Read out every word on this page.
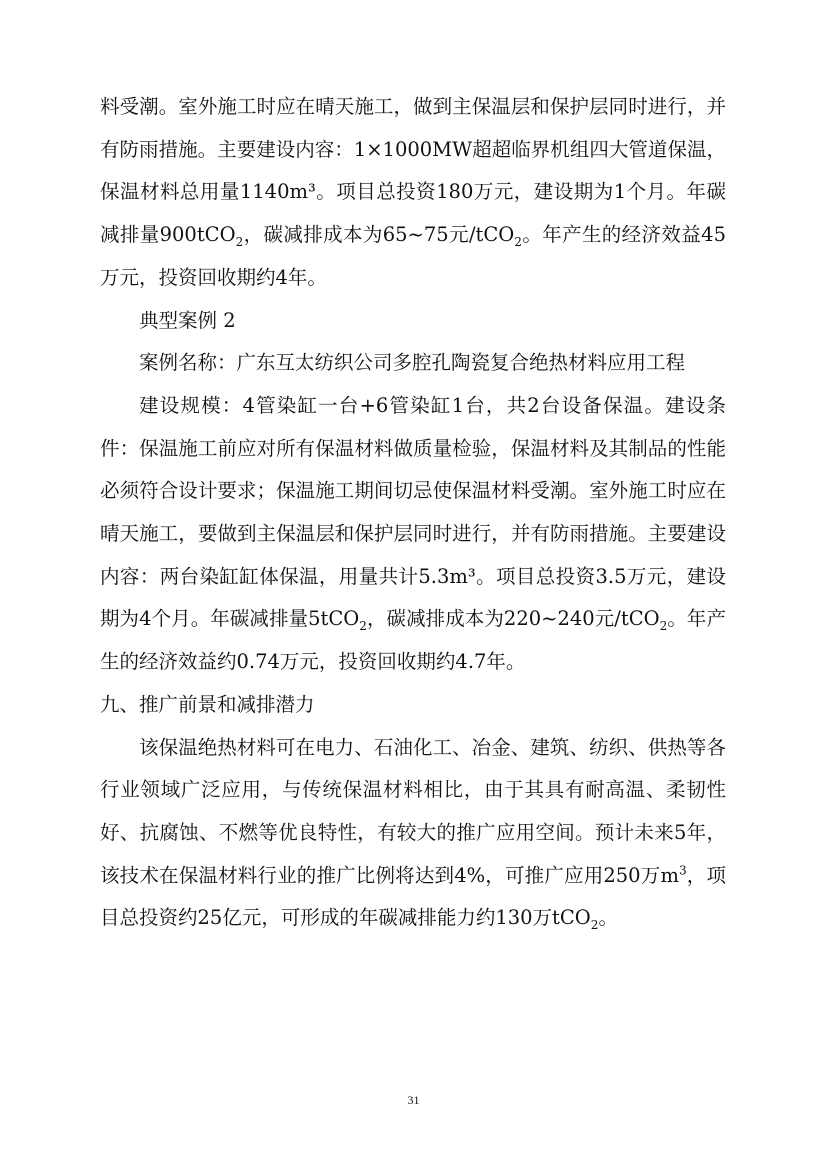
料受潮。室外施工时应在晴天施工，做到主保温层和保护层同时进行，并有防雨措施。主要建设内容：1×1000MW超超临界机组四大管道保温，保温材料总用量1140m³。项目总投资180万元，建设期为1个月。年碳减排量900tCO$_2$，碳减排成本为65~75元/tCO$_2$。年产生的经济效益45万元，投资回收期约4年。

典型案例 2

案例名称：广东互太纺织公司多腔孔陶瓷复合绝热材料应用工程

建设规模：4管染缸一台+6管染缸1台，共2台设备保温。建设条件：保温施工前应对所有保温材料做质量检验，保温材料及其制品的性能必须符合设计要求；保温施工期间切忌使保温材料受潮。室外施工时应在晴天施工，要做到主保温层和保护层同时进行，并有防雨措施。主要建设内容：两台染缸缸体保温，用量共计5.3m³。项目总投资3.5万元，建设期为4个月。年碳减排量5tCO$_2$，碳减排成本为220~240元/tCO$_2$。年产生的经济效益约0.74万元，投资回收期约4.7年。

九、推广前景和减排潜力

该保温绝热材料可在电力、石油化工、冶金、建筑、纺织、供热等各行业领域广泛应用，与传统保温材料相比，由于其具有耐高温、柔韧性好、抗腐蚀、不燃等优良特性，有较大的推广应用空间。预计未来5年，该技术在保温材料行业的推广比例将达到4%，可推广应用250万$m^3$，项目总投资约25亿元，可形成的年碳减排能力约130万tCO$_2$。

31
